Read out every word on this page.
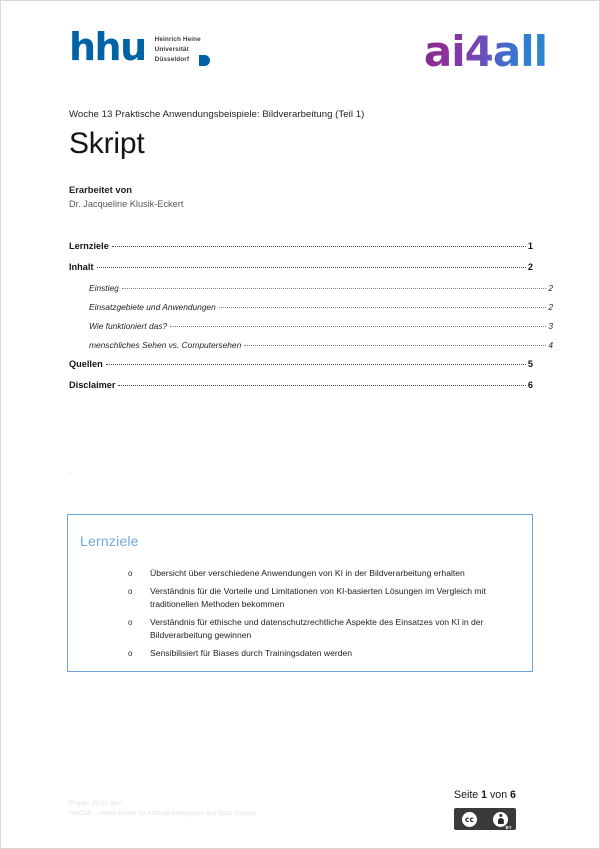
hhu Heinrich Heine
Universität
Düsseldorf	ai4all
Woche 13 Praktische Anwendungsbeispiele: Bildverarbeitung (Teil 1)
Skript
Erarbeitet von
Dr. Jacqueline Klusik-Eckert
Lernziele	1
Inhalt	2
Einstieg	2
Einsatzgebiete und Anwendungen	2
Wie funktioniert das?	3
menschliches Sehen vs. Computersehen	4
Quellen	5
Disclaimer	6
.
Lernziele
o	Übersicht über verschiedene Anwendungen von KI in der Bildverarbeitung erhalten
o	Verständnis für die Vorteile und Limitationen von KI-basierten Lösungen im Vergleich mit traditionellen Methoden bekommen
o	Verständnis für ethische und datenschutzrechtliche Aspekte des Einsatzes von KI in der Bildverarbeitung gewinnen
o	Sensibilisiert für Biases durch Trainingsdaten werden
Projekt „KI für alle“
HeiCAD – Heine Center for Artificial Intelligence and Data Science
Seite 1 von 6
cc
BY
